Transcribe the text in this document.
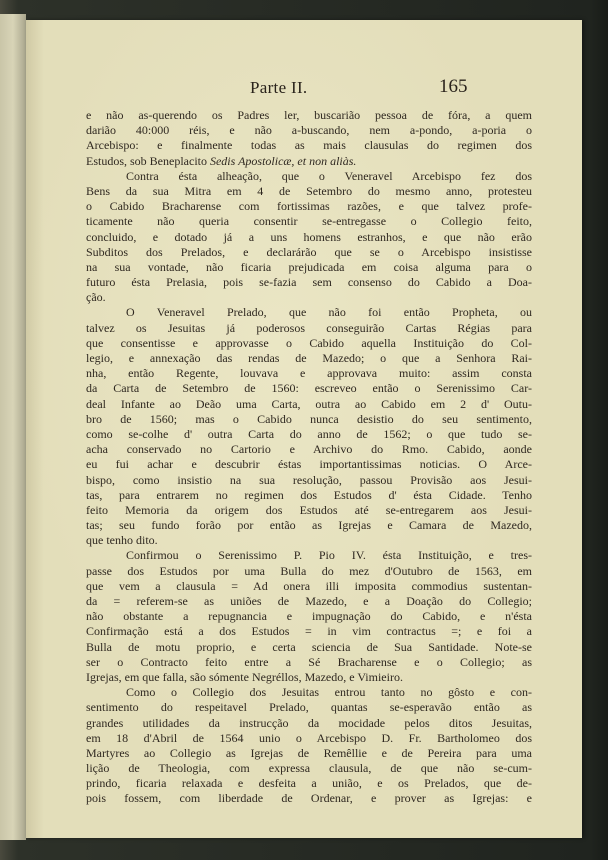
Parte II.	165
e não as-querendo os Padres ler, buscarião pessoa de fóra, a quem
darião 40:000 réis, e não a-buscando, nem a-pondo, a-poria o
Arcebispo: e finalmente todas as mais clausulas do regimen dos
Estudos, sob Beneplacito Sedis Apostolicæ, et non aliàs.
Contra ésta alheação, que o Veneravel Arcebispo fez dos
Bens da sua Mitra em 4 de Setembro do mesmo anno, protesteu
o Cabido Bracharense com fortissimas razões, e que talvez profe-
ticamente não queria consentir se-entregasse o Collegio feito,
concluido, e dotado já a uns homens estranhos, e que não erão
Subditos dos Prelados, e declarárão que se o Arcebispo insistisse
na sua vontade, não ficaria prejudicada em coisa alguma para o
futuro ésta Prelasia, pois se-fazia sem consenso do Cabido a Doa-
ção.
O Veneravel Prelado, que não foi então Propheta, ou
talvez os Jesuitas já poderosos conseguirão Cartas Régias para
que consentisse e approvasse o Cabido aquella Instituição do Col-
legio, e annexação das rendas de Mazedo; o que a Senhora Rai-
nha, então Regente, louvava e approvava muito: assim consta
da Carta de Setembro de 1560: escreveo então o Serenissimo Car-
deal Infante ao Deão uma Carta, outra ao Cabido em 2 d' Outu-
bro de 1560; mas o Cabido nunca desistio do seu sentimento,
como se-colhe d' outra Carta do anno de 1562; o que tudo se-
acha conservado no Cartorio e Archivo do Rmo. Cabido, aonde
eu fui achar e descubrir éstas importantissimas noticias. O Arce-
bispo, como insistio na sua resolução, passou Provisão aos Jesui-
tas, para entrarem no regimen dos Estudos d' ésta Cidade. Tenho
feito Memoria da origem dos Estudos até se-entregarem aos Jesui-
tas; seu fundo forão por então as Igrejas e Camara de Mazedo,
que tenho dito.
Confirmou o Serenissimo P. Pio IV. ésta Instituição, e tres-
passe dos Estudos por uma Bulla do mez d'Outubro de 1563, em
que vem a clausula = Ad onera illi imposita commodius sustentan-
da = referem-se as uniões de Mazedo, e a Doação do Collegio;
não obstante a repugnancia e impugnação do Cabido, e n'ésta
Confirmação está a dos Estudos = in vim contractus =; e foi a
Bulla de motu proprio, e certa sciencia de Sua Santidade. Note-se
ser o Contracto feito entre a Sé Bracharense e o Collegio; as
Igrejas, em que falla, são sómente Negréllos, Mazedo, e Vimieiro.
Como o Collegio dos Jesuitas entrou tanto no gôsto e con-
sentimento do respeitavel Prelado, quantas se-esperavão então as
grandes utilidades da instrucção da mocidade pelos ditos Jesuitas,
em 18 d'Abril de 1564 unio o Arcebispo D. Fr. Bartholomeo dos
Martyres ao Collegio as Igrejas de Remêllie e de Pereira para uma
lição de Theologia, com expressa clausula, de que não se-cum-
prindo, ficaria relaxada e desfeita a união, e os Prelados, que de-
pois fossem, com liberdade de Ordenar, e prover as Igrejas: e
